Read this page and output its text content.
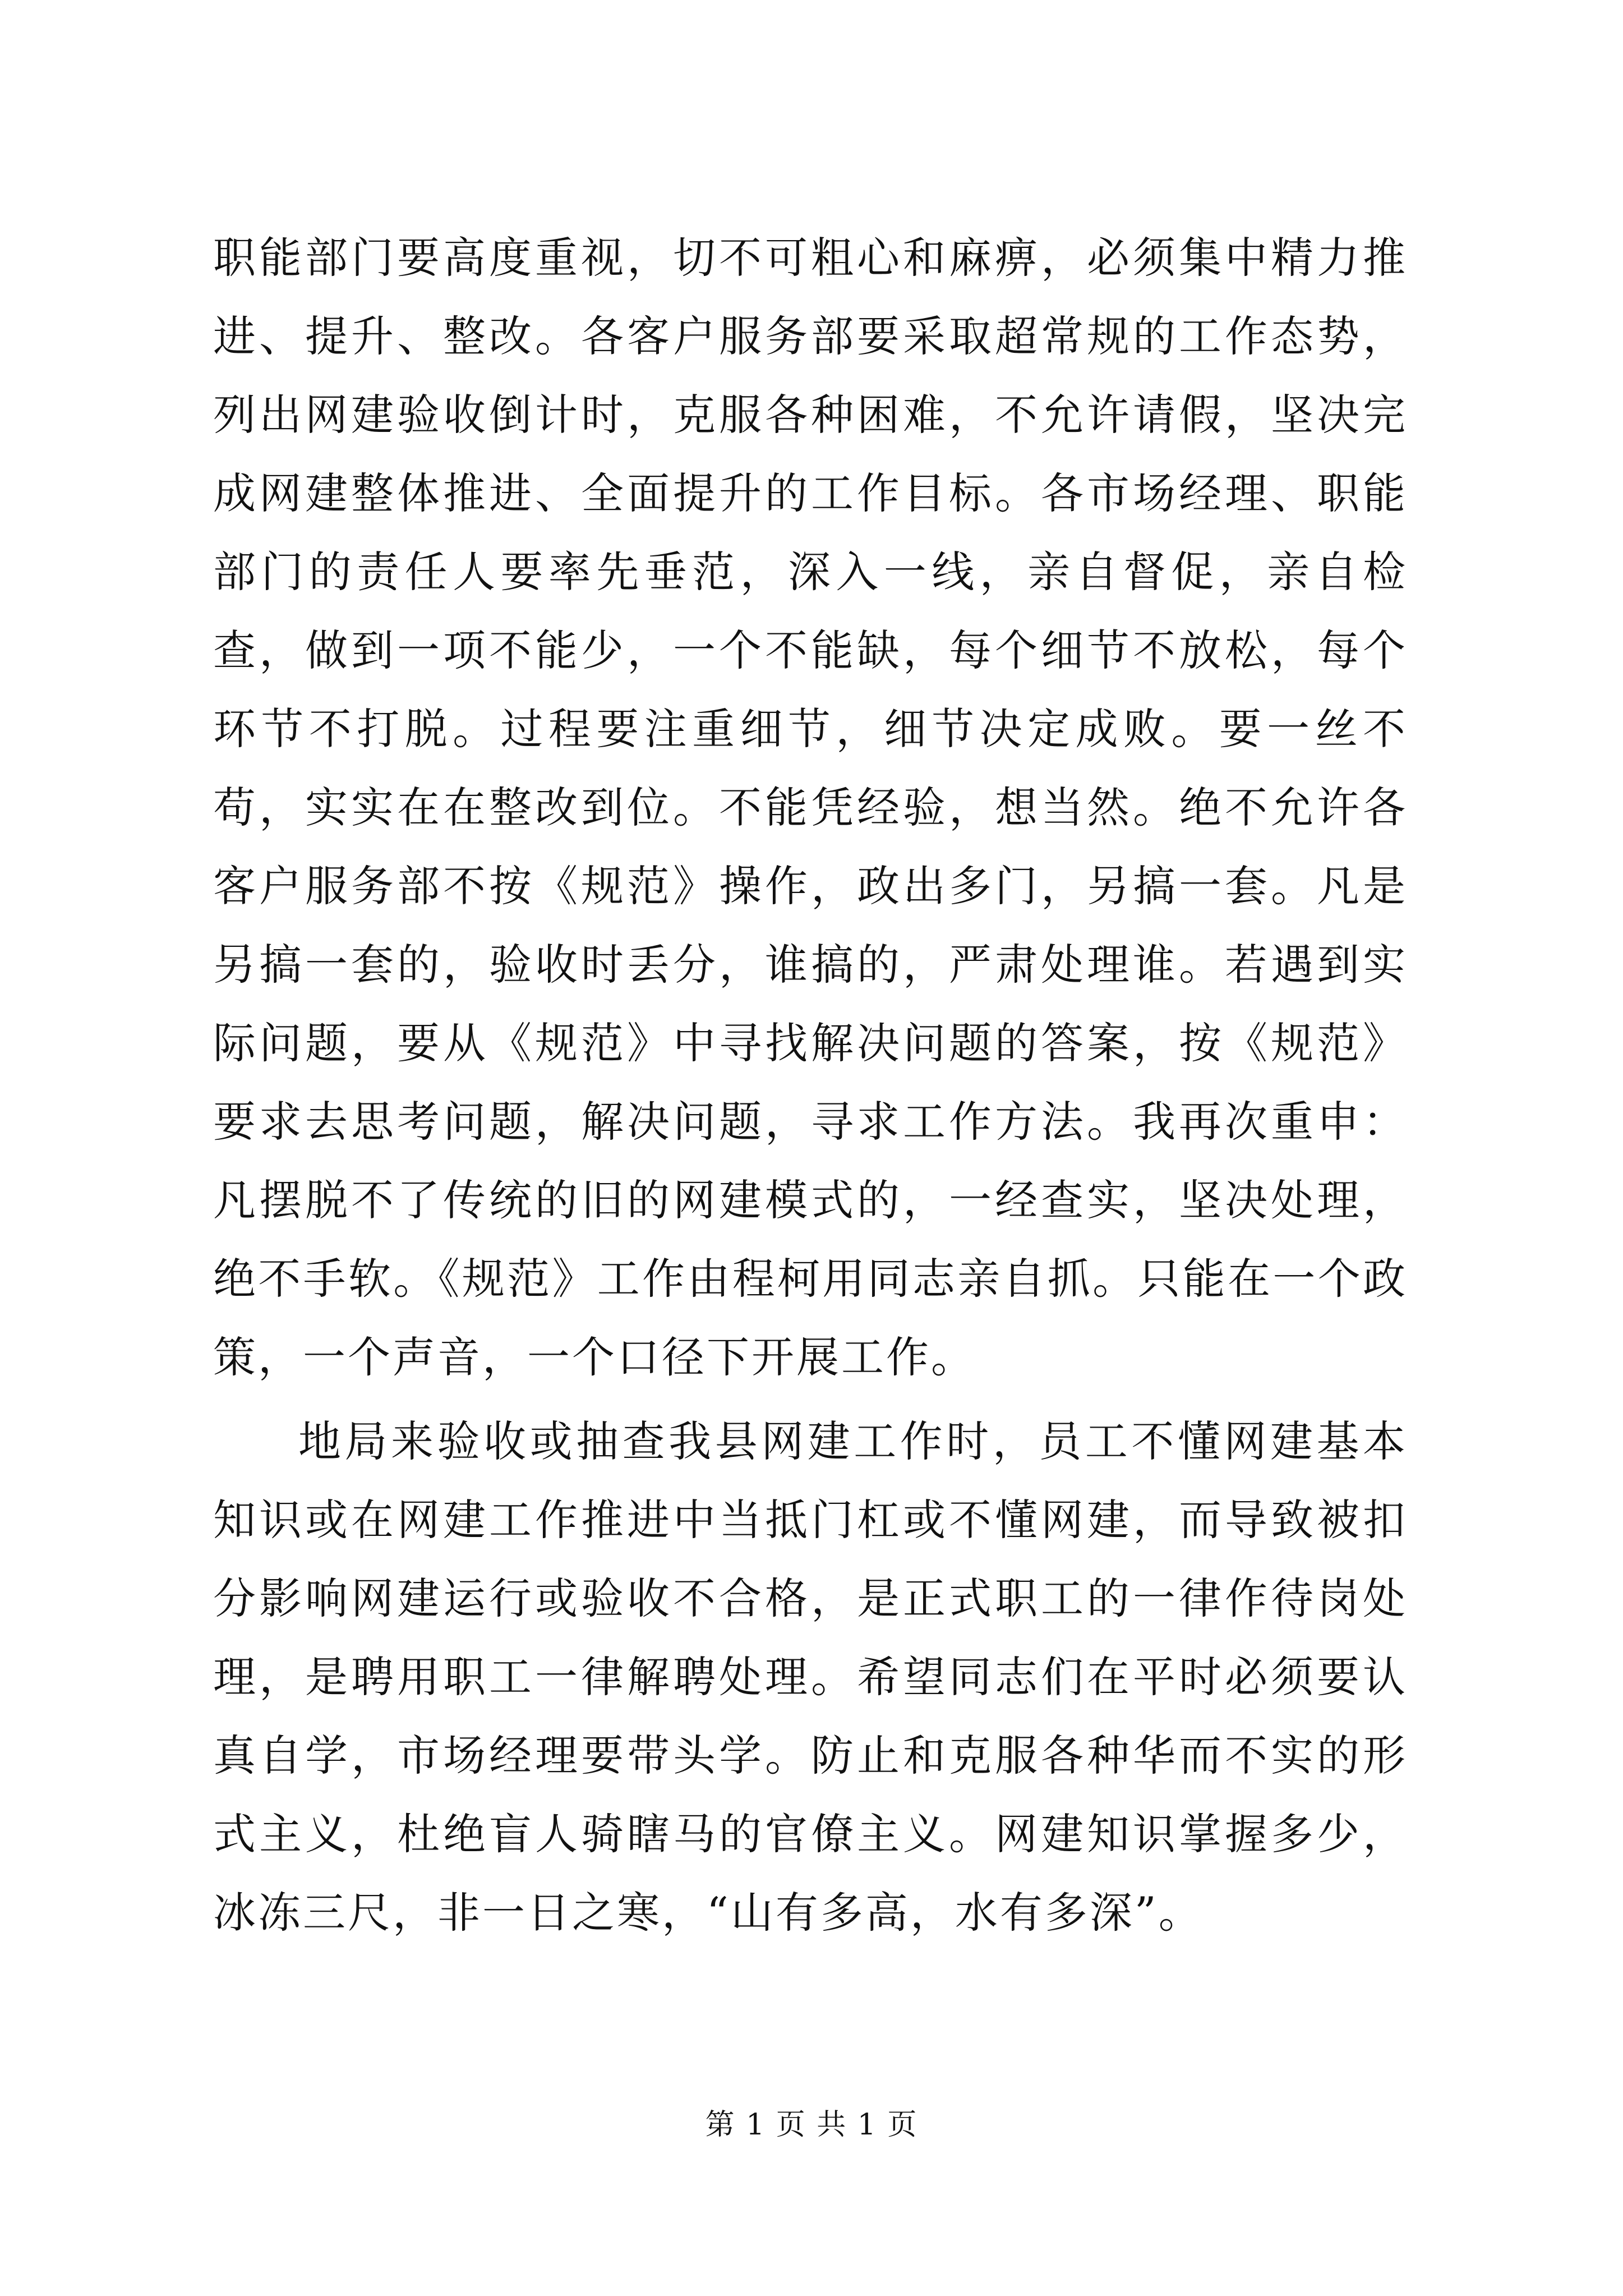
职能部门要高度重视，切不可粗心和麻痹，必须集中精力推进、提升、整改。各客户服务部要采取超常规的工作态势，列出网建验收倒计时，克服各种困难，不允许请假，坚决完成网建整体推进、全面提升的工作目标。各市场经理、职能部门的责任人要率先垂范，深入一线，亲自督促，亲自检查，做到一项不能少，一个不能缺，每个细节不放松，每个环节不打脱。过程要注重细节，细节决定成败。要一丝不苟，实实在在整改到位。不能凭经验，想当然。绝不允许各客户服务部不按《规范》操作，政出多门，另搞一套。凡是另搞一套的，验收时丢分，谁搞的，严肃处理谁。若遇到实际问题，要从《规范》中寻找解决问题的答案，按《规范》要求去思考问题，解决问题，寻求工作方法。我再次重申：凡摆脱不了传统的旧的网建模式的，一经查实，坚决处理，绝不手软。《规范》工作由程柯用同志亲自抓。只能在一个政策，一个声音，一个口径下开展工作。

地局来验收或抽查我县网建工作时，员工不懂网建基本知识或在网建工作推进中当抵门杠或不懂网建，而导致被扣分影响网建运行或验收不合格，是正式职工的一律作待岗处理，是聘用职工一律解聘处理。希望同志们在平时必须要认真自学，市场经理要带头学。防止和克服各种华而不实的形式主义，杜绝盲人骑瞎马的官僚主义。网建知识掌握多少，冰冻三尺，非一日之寒，“山有多高，水有多深”。

第 1 页 共 1 页
